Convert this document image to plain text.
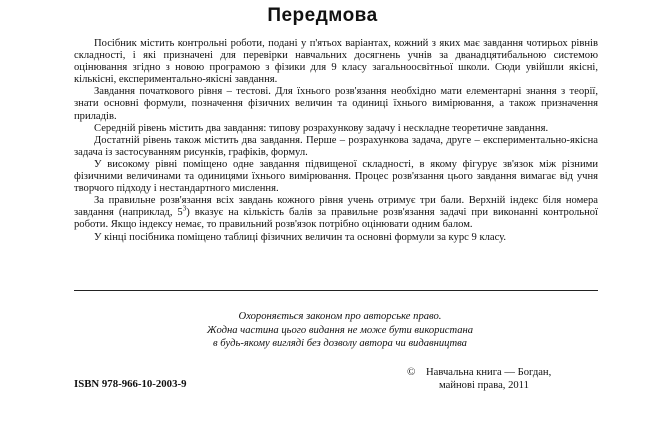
Передмова

Посібник містить контрольні роботи, подані у п'ятьох варіантах, кожний з яких має завдання чотирьох рівнів складності, і які призначені для перевірки навчальних досягнень учнів за дванадцятибальною системою оцінювання згідно з новою програмою з фізики для 9 класу загальноосвітньої школи. Сюди увійшли якісні, кількісні, експериментально-якісні завдання.

Завдання початкового рівня – тестові. Для їхнього розв'язання необхідно мати елементарні знання з теорії, знати основні формули, позначення фізичних величин та одиниці їхнього вимірювання, а також призначення приладів.

Середній рівень містить два завдання: типову розрахункову задачу і нескладне теоретичне завдання.

Достатній рівень також містить два завдання. Перше – розрахункова задача, друге – експериментально-якісна задача із застосуванням рисунків, графіків, формул.

У високому рівні поміщено одне завдання підвищеної складності, в якому фігурує зв'язок між різними фізичними величинами та одиницями їхнього вимірювання. Процес розв'язання цього завдання вимагає від учня творчого підходу і нестандартного мислення.

За правильне розв'язання всіх завдань кожного рівня учень отримує три бали. Верхній індекс біля номера завдання (наприклад, $5^3$) вказує на кількість балів за правильне розв'язання задачі при виконанні контрольної роботи. Якщо індексу немає, то правильний розв'язок потрібно оцінювати одним балом.

У кінці посібника поміщено таблиці фізичних величин та основні формули за курс 9 класу.

Охороняється законом про авторське право.
Жодна частина цього видання не може бути використана
в будь-якому вигляді без дозволу автора чи видавництва
ISBN 978-966-10-2003-9
© Навчальна книга — Богдан,
майнові права, 2011
